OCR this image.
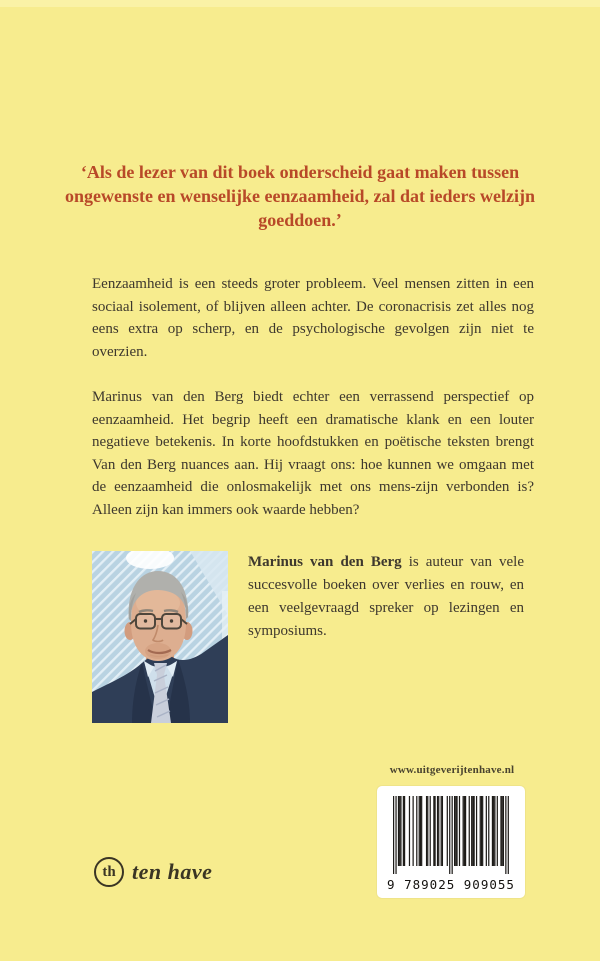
‘Als de lezer van dit boek onderscheid gaat maken tussen ongewenste en wenselijke eenzaamheid, zal dat ieders welzijn goeddoen.’

Eenzaamheid is een steeds groter probleem. Veel mensen zitten in een sociaal isolement, of blijven alleen achter. De coronacrisis zet alles nog eens extra op scherp, en de psychologische gevolgen zijn niet te overzien.

Marinus van den Berg biedt echter een verrassend perspectief op eenzaamheid. Het begrip heeft een dramatische klank en een louter negatieve betekenis. In korte hoofdstukken en poëtische teksten brengt Van den Berg nuances aan. Hij vraagt ons: hoe kunnen we omgaan met de eenzaamheid die onlosmakelijk met ons mens-zijn verbonden is? Alleen zijn kan immers ook waarde hebben?

Marinus van den Berg is auteur van vele succesvolle boeken over verlies en rouw, en een veelgevraagd spreker op lezingen en symposiums.

www.uitgeverijtenhave.nl
9 789025 909055
th ten have
